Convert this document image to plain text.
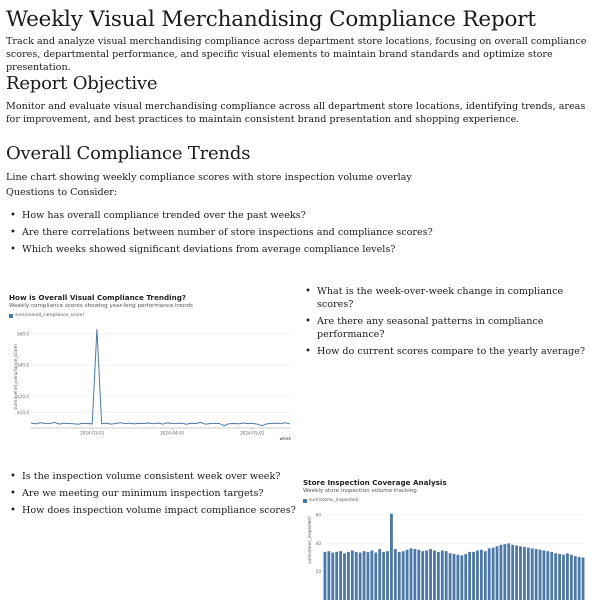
Weekly Visual Merchandising Compliance Report

Track and analyze visual merchandising compliance across department store locations, focusing on overall compliance scores, departmental performance, and specific visual elements to maintain brand standards and optimize store presentation.

Report Objective

Monitor and evaluate visual merchandising compliance across all department store locations, identifying trends, areas for improvement, and best practices to maintain consistent brand presentation and shopping experience.

Overall Compliance Trends

Line chart showing weekly compliance scores with store inspection volume overlay

Questions to Consider:

• How has overall compliance trended over the past weeks?
• Are there correlations between number of store inspections and compliance scores?
• Which weeks showed significant deviations from average compliance levels?
• What is the week-over-week change in compliance scores?
• Are there any seasonal patterns in compliance performance?
• How do current scores compare to the yearly average?
• Is the inspection volume consistent week over week?
• Are we meeting our minimum inspection targets?
• How does inspection volume impact compliance scores?
How is Overall Visual Compliance Trending?
Weekly compliance scores showing year-long performance trends
sum(overall_compliance_score)
$10.0
$20.0
$40.0
$60.0
2024-03-01	2024-04-01	2024-05-01
week
sum(overall_compliance_score)
Store Inspection Coverage Analysis
Weekly store inspection volume tracking
sum(stores_inspected)
20
40
60
sum(stores_inspected)
